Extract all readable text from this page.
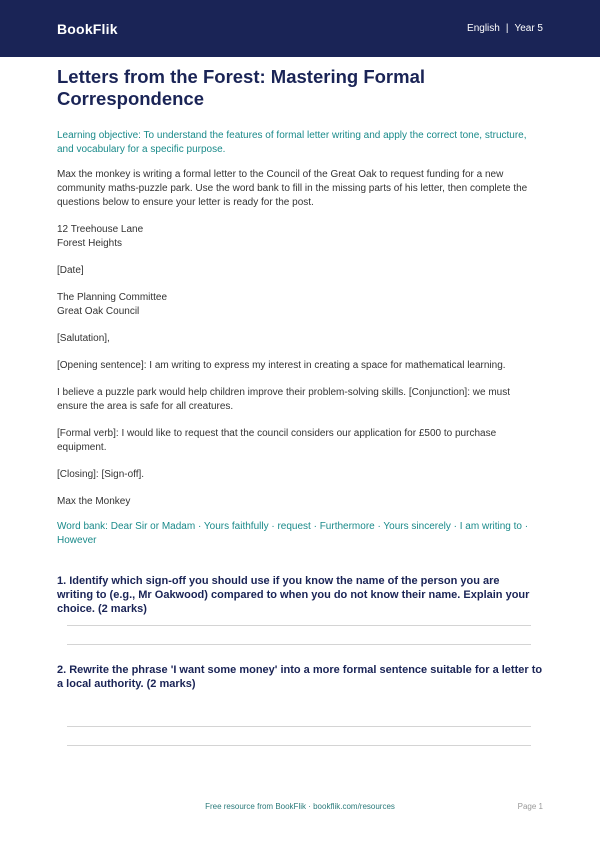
BookFlik	English | Year 5
Letters from the Forest: Mastering Formal Correspondence

Learning objective: To understand the features of formal letter writing and apply the correct tone, structure, and vocabulary for a specific purpose.

Max the monkey is writing a formal letter to the Council of the Great Oak to request funding for a new community maths-puzzle park. Use the word bank to fill in the missing parts of his letter, then complete the questions below to ensure your letter is ready for the post.

12 Treehouse Lane

Forest Heights

[Date]

The Planning Committee

Great Oak Council

[Salutation],

[Opening sentence]: I am writing to express my interest in creating a space for mathematical learning.

I believe a puzzle park would help children improve their problem-solving skills. [Conjunction]: we must ensure the area is safe for all creatures.

[Formal verb]: I would like to request that the council considers our application for £500 to purchase equipment.

[Closing]: [Sign-off].

Max the Monkey

Word bank: Dear Sir or Madam · Yours faithfully · request · Furthermore · Yours sincerely · I am writing to · However

1. Identify which sign-off you should use if you know the name of the person you are writing to (e.g., Mr Oakwood) compared to when you do not know their name. Explain your choice. (2 marks)

2. Rewrite the phrase 'I want some money' into a more formal sentence suitable for a letter to a local authority. (2 marks)

Free resource from BookFlik · bookflik.com/resources	Page 1
